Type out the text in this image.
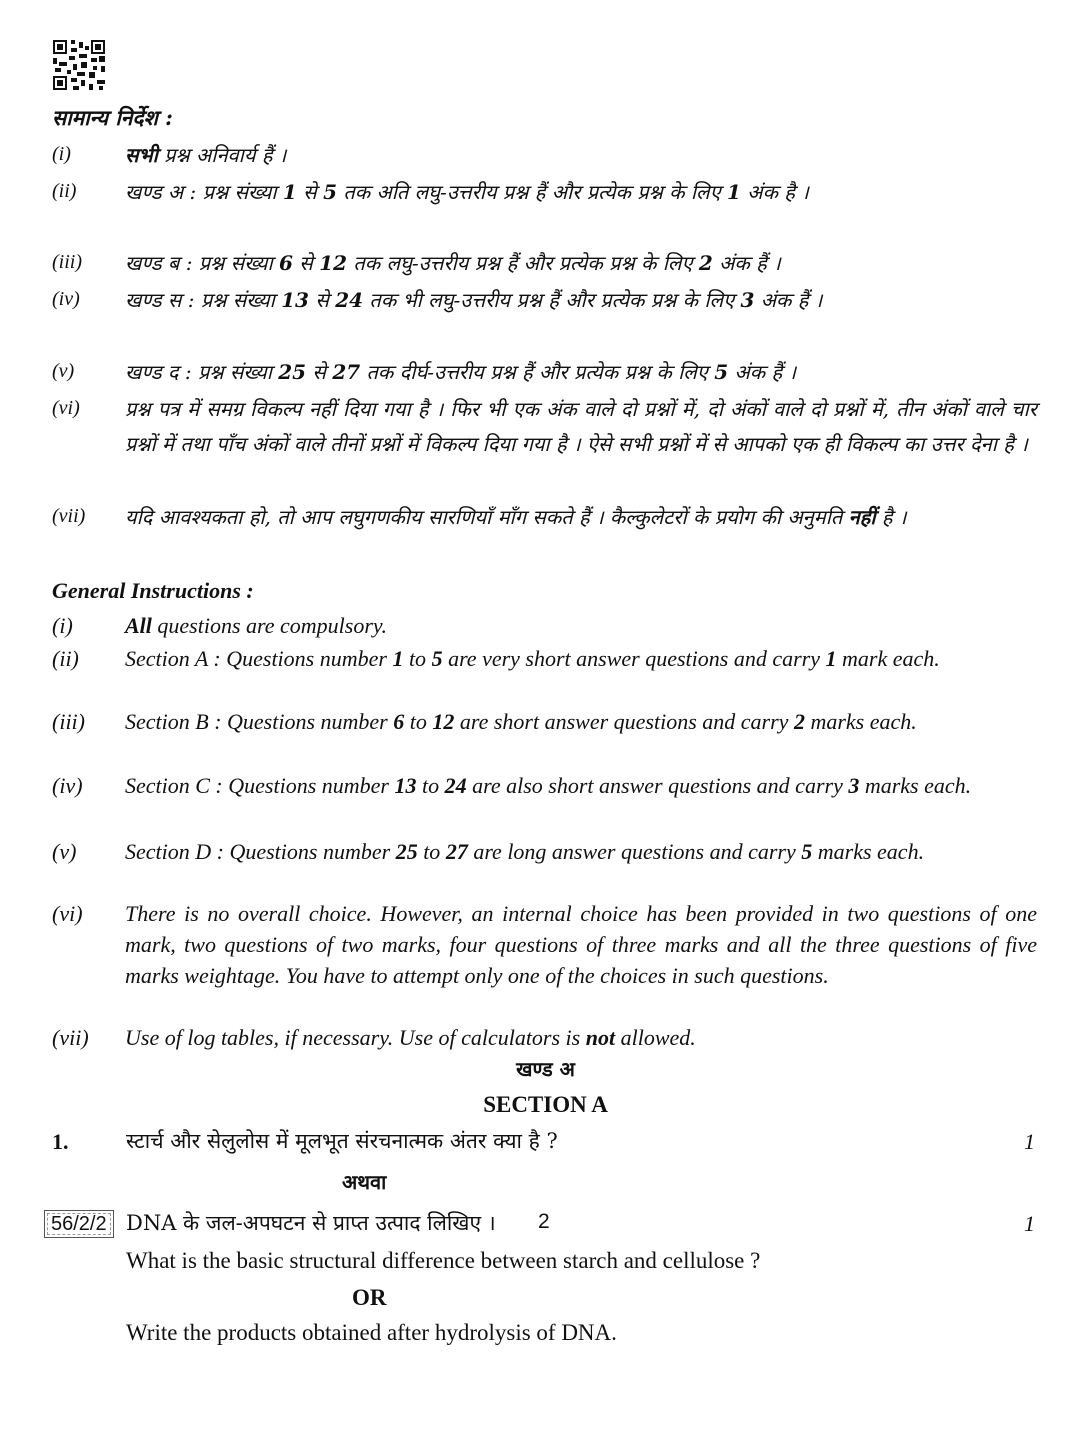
सामान्य निर्देश :
(i)	सभी प्रश्न अनिवार्य हैं ।
(ii)	खण्ड अ : प्रश्न संख्या 1 से 5 तक अति लघु-उत्तरीय प्रश्न हैं और प्रत्येक प्रश्न के लिए 1 अंक है ।
(iii)	खण्ड ब : प्रश्न संख्या 6 से 12 तक लघु-उत्तरीय प्रश्न हैं और प्रत्येक प्रश्न के लिए 2 अंक हैं ।
(iv)	खण्ड स : प्रश्न संख्या 13 से 24 तक भी लघु-उत्तरीय प्रश्न हैं और प्रत्येक प्रश्न के लिए 3 अंक हैं ।
(v)	खण्ड द : प्रश्न संख्या 25 से 27 तक दीर्घ-उत्तरीय प्रश्न हैं और प्रत्येक प्रश्न के लिए 5 अंक हैं ।
(vi)	प्रश्न पत्र में समग्र विकल्प नहीं दिया गया है । फिर भी एक अंक वाले दो प्रश्नों में, दो अंकों वाले दो प्रश्नों में, तीन अंकों वाले चार प्रश्नों में तथा पाँच अंकों वाले तीनों प्रश्नों में विकल्प दिया गया है । ऐसे सभी प्रश्नों में से आपको एक ही विकल्प का उत्तर देना है ।
(vii)	यदि आवश्यकता हो, तो आप लघुगणकीय सारणियाँ माँग सकते हैं । कैल्कुलेटरों के प्रयोग की अनुमति नहीं है ।
General Instructions :
(i)	All questions are compulsory.
(ii)	Section A : Questions number 1 to 5 are very short answer questions and carry 1 mark each.
(iii)	Section B : Questions number 6 to 12 are short answer questions and carry 2 marks each.
(iv)	Section C : Questions number 13 to 24 are also short answer questions and carry 3 marks each.
(v)	Section D : Questions number 25 to 27 are long answer questions and carry 5 marks each.
(vi)	There is no overall choice. However, an internal choice has been provided in two questions of one mark, two questions of two marks, four questions of three marks and all the three questions of five marks weightage. You have to attempt only one of the choices in such questions.
(vii)	Use of log tables, if necessary. Use of calculators is not allowed.
खण्ड अ
SECTION A
1.	स्टार्च और सेलुलोस में मूलभूत संरचनात्मक अंतर क्या है ?	1
अथवा
DNA के जल-अपघटन से प्राप्त उत्पाद लिखिए ।	1
What is the basic structural difference between starch and cellulose ?
OR
Write the products obtained after hydrolysis of DNA.
56/2/2	2
